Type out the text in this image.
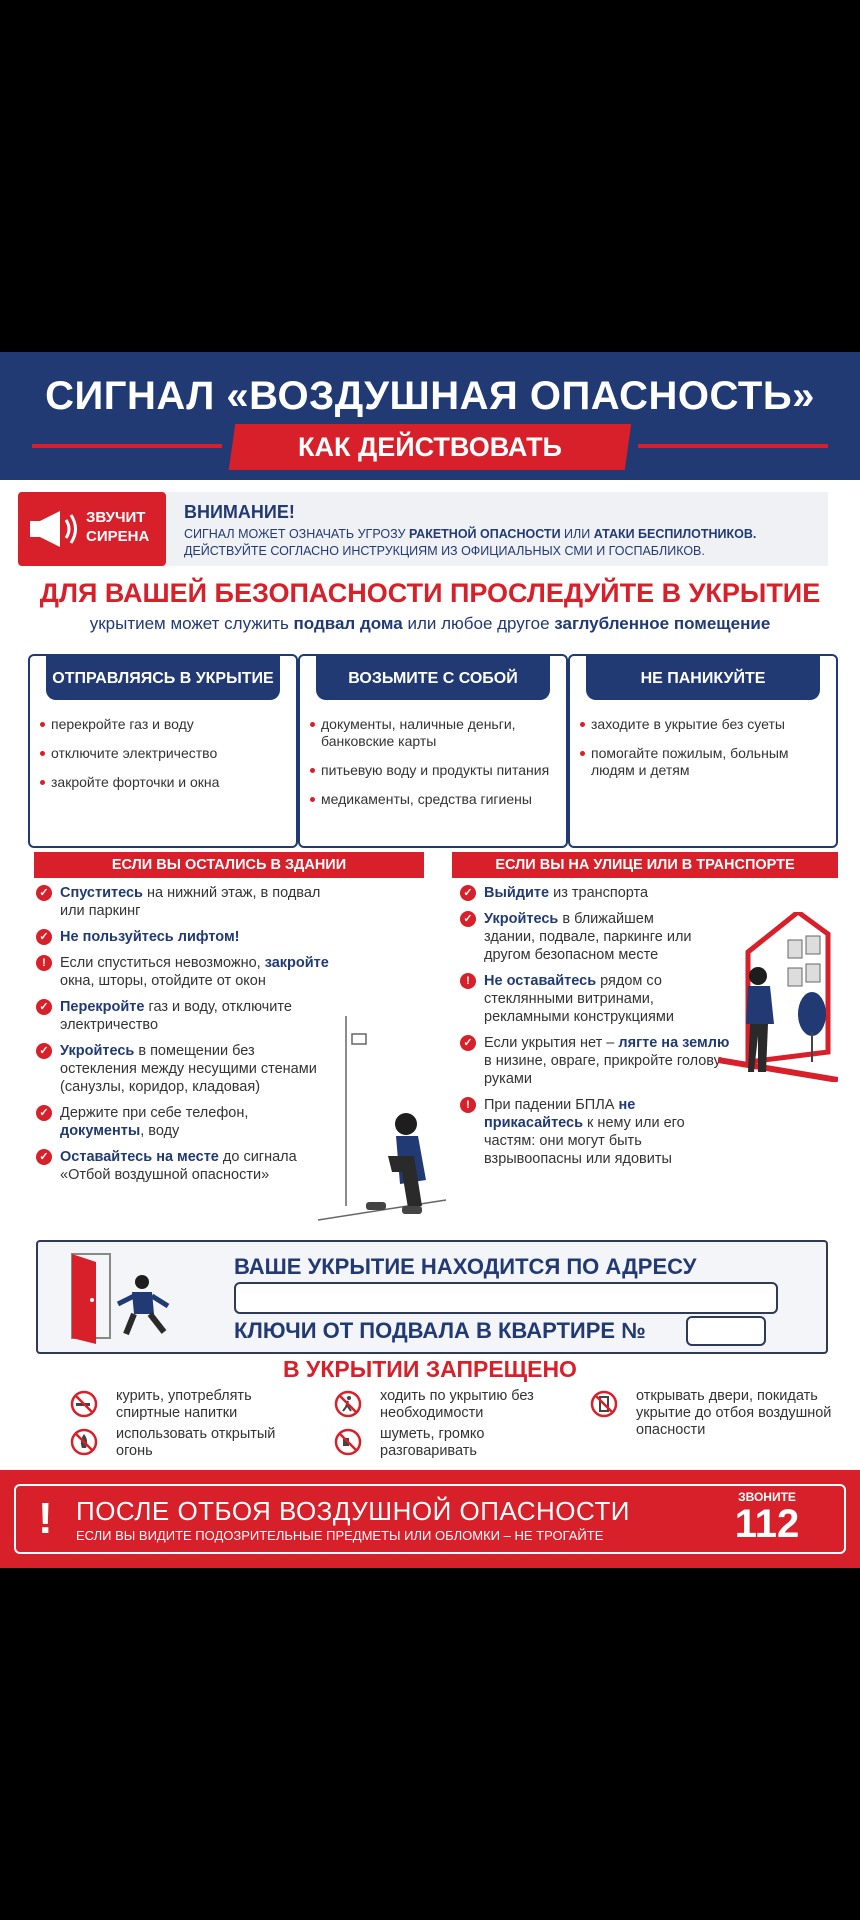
СИГНАЛ «ВОЗДУШНАЯ ОПАСНОСТЬ»
КАК ДЕЙСТВОВАТЬ
ЗВУЧИТ СИРЕНА
ВНИМАНИЕ!
СИГНАЛ МОЖЕТ ОЗНАЧАТЬ УГРОЗУ РАКЕТНОЙ ОПАСНОСТИ ИЛИ АТАКИ БЕСПИЛОТНИКОВ. ДЕЙСТВУЙТЕ СОГЛАСНО ИНСТРУКЦИЯМ ИЗ ОФИЦИАЛЬНЫХ СМИ И ГОСПАБЛИКОВ.
ДЛЯ ВАШЕЙ БЕЗОПАСНОСТИ ПРОСЛЕДУЙТЕ В УКРЫТИЕ
укрытием может служить подвал дома или любое другое заглубленное помещение
ОТПРАВЛЯЯСЬ В УКРЫТИЕ
перекройте газ и воду
отключите электричество
закройте форточки и окна
ВОЗЬМИТЕ С СОБОЙ
документы, наличные деньги, банковские карты
питьевую воду и продукты питания
медикаменты, средства гигиены
НЕ ПАНИКУЙТЕ
заходите в укрытие без суеты
помогайте пожилым, больным людям и детям
ЕСЛИ ВЫ ОСТАЛИСЬ В ЗДАНИИ	ЕСЛИ ВЫ НА УЛИЦЕ ИЛИ В ТРАНСПОРТЕ
✓ Спуститесь на нижний этаж, в подвал или паркинг
✓ Не пользуйтесь лифтом!
! Если спуститься невозможно, закройте окна, шторы, отойдите от окон
✓ Перекройте газ и воду, отключите электричество
✓ Укройтесь в помещении без остекления между несущими стенами (санузлы, коридор, кладовая)
✓ Держите при себе телефон, документы, воду
✓ Оставайтесь на месте до сигнала «Отбой воздушной опасности»
✓ Выйдите из транспорта
✓ Укройтесь в ближайшем здании, подвале, паркинге или другом безопасном месте
! Не оставайтесь рядом со стеклянными витринами, рекламными конструкциями
✓ Если укрытия нет – лягте на землю в низине, овраге, прикройте голову руками
! При падении БПЛА не прикасайтесь к нему или его частям: они могут быть взрывоопасны или ядовиты
ВАШЕ УКРЫТИЕ НАХОДИТСЯ ПО АДРЕСУ
КЛЮЧИ ОТ ПОДВАЛА В КВАРТИРЕ №
В УКРЫТИИ ЗАПРЕЩЕНО
курить, употреблять спиртные напитки
использовать открытый огонь
ходить по укрытию без необходимости
шуметь, громко разговаривать
открывать двери, покидать укрытие до отбоя воздушной опасности
! ПОСЛЕ ОТБОЯ ВОЗДУШНОЙ ОПАСНОСТИ
ЕСЛИ ВЫ ВИДИТЕ ПОДОЗРИТЕЛЬНЫЕ ПРЕДМЕТЫ ИЛИ ОБЛОМКИ – НЕ ТРОГАЙТЕ
ЗВОНИТЕ
112
